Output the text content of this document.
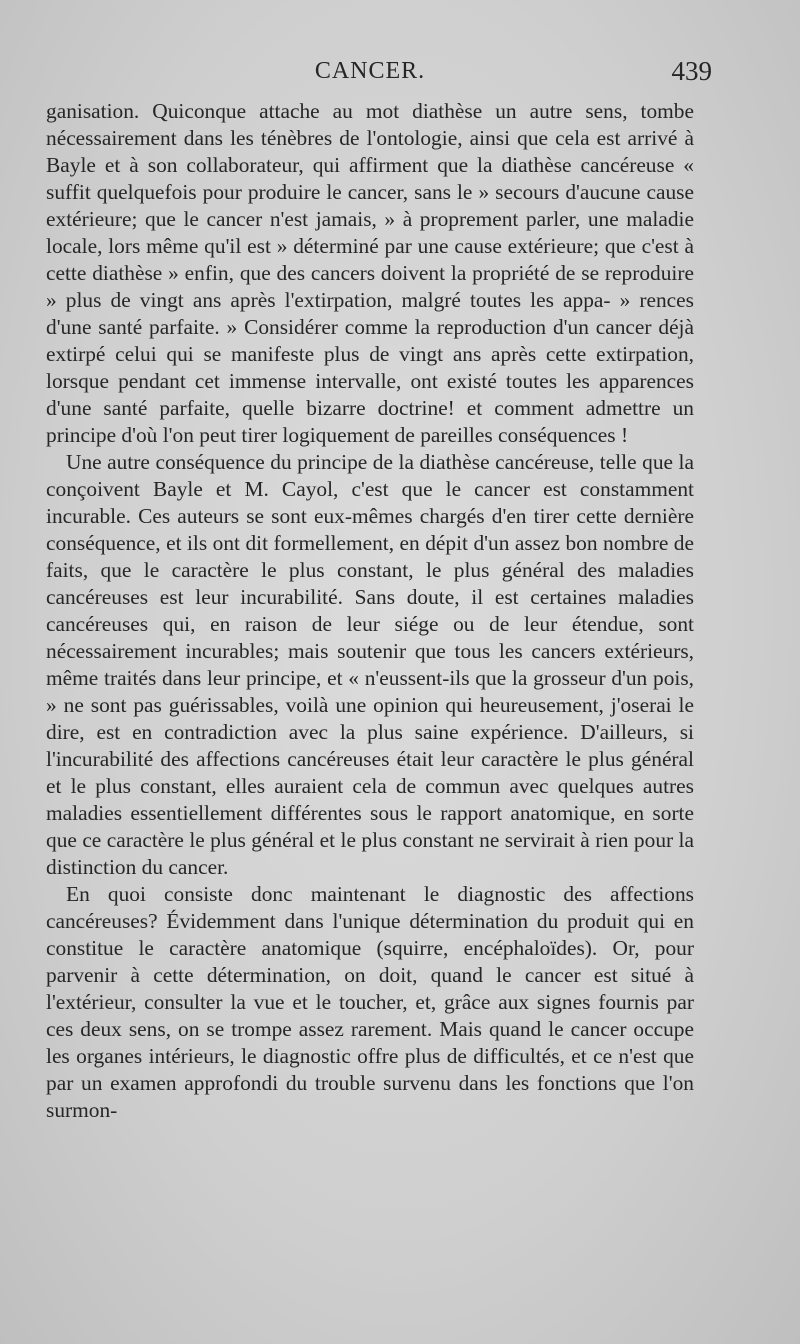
CANCER.	439

ganisation. Quiconque attache au mot diathèse un autre sens, tombe nécessairement dans les ténèbres de l'ontologie, ainsi que cela est arrivé à Bayle et à son collaborateur, qui affirment que la diathèse cancéreuse « suffit quelquefois pour produire le cancer, sans le » secours d'aucune cause extérieure; que le cancer n'est jamais, » à proprement parler, une maladie locale, lors même qu'il est » déterminé par une cause extérieure; que c'est à cette diathèse » enfin, que des cancers doivent la propriété de se reproduire » plus de vingt ans après l'extirpation, malgré toutes les appa- » rences d'une santé parfaite. » Considérer comme la reproduction d'un cancer déjà extirpé celui qui se manifeste plus de vingt ans après cette extirpation, lorsque pendant cet immense intervalle, ont existé toutes les apparences d'une santé parfaite, quelle bizarre doctrine! et comment admettre un principe d'où l'on peut tirer logiquement de pareilles conséquences !

Une autre conséquence du principe de la diathèse cancéreuse, telle que la conçoivent Bayle et M. Cayol, c'est que le cancer est constamment incurable. Ces auteurs se sont eux-mêmes chargés d'en tirer cette dernière conséquence, et ils ont dit formellement, en dépit d'un assez bon nombre de faits, que le caractère le plus constant, le plus général des maladies cancéreuses est leur incurabilité. Sans doute, il est certaines maladies cancéreuses qui, en raison de leur siége ou de leur étendue, sont nécessairement incurables; mais soutenir que tous les cancers extérieurs, même traités dans leur principe, et « n'eussent-ils que la grosseur d'un pois, » ne sont pas guérissables, voilà une opinion qui heureusement, j'oserai le dire, est en contradiction avec la plus saine expérience. D'ailleurs, si l'incurabilité des affections cancéreuses était leur caractère le plus général et le plus constant, elles auraient cela de commun avec quelques autres maladies essentiellement différentes sous le rapport anatomique, en sorte que ce caractère le plus général et le plus constant ne servirait à rien pour la distinction du cancer.

En quoi consiste donc maintenant le diagnostic des affections cancéreuses? Évidemment dans l'unique détermination du produit qui en constitue le caractère anatomique (squirre, encéphaloïdes). Or, pour parvenir à cette détermination, on doit, quand le cancer est situé à l'extérieur, consulter la vue et le toucher, et, grâce aux signes fournis par ces deux sens, on se trompe assez rarement. Mais quand le cancer occupe les organes intérieurs, le diagnostic offre plus de difficultés, et ce n'est que par un examen approfondi du trouble survenu dans les fonctions que l'on surmon-
